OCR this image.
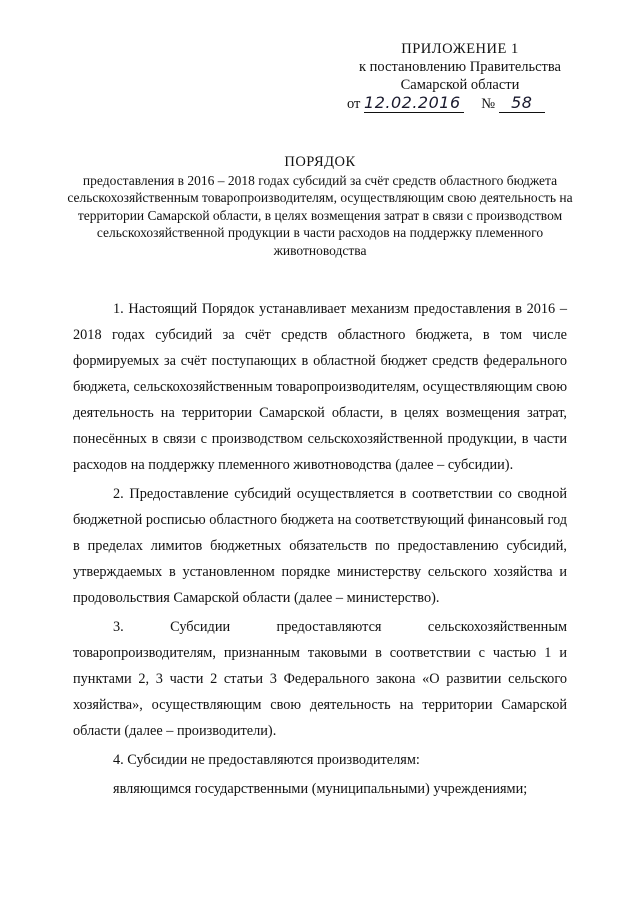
ПРИЛОЖЕНИЕ 1
к постановлению Правительства
Самарской области
от 12.02.2016 № 58
ПОРЯДОК
предоставления в 2016 – 2018 годах субсидий за счёт средств областного бюджета сельскохозяйственным товаропроизводителям, осуществляющим свою деятельность на территории Самарской области, в целях возмещения затрат в связи с производством сельскохозяйственной продукции в части расходов на поддержку племенного животноводства

1. Настоящий Порядок устанавливает механизм предоставления в 2016 – 2018 годах субсидий за счёт средств областного бюджета, в том числе формируемых за счёт поступающих в областной бюджет средств федерального бюджета, сельскохозяйственным товаропроизводителям, осуществляющим свою деятельность на территории Самарской области, в целях возмещения затрат, понесённых в связи с производством сельскохозяйственной продукции, в части расходов на поддержку племенного животноводства (далее – субсидии).

2. Предоставление субсидий осуществляется в соответствии со сводной бюджетной росписью областного бюджета на соответствующий финансовый год в пределах лимитов бюджетных обязательств по предоставлению субсидий, утверждаемых в установленном порядке министерству сельского хозяйства и продовольствия Самарской области (далее – министерство).

3. Субсидии предоставляются сельскохозяйственным товаропроизводителям, признанным таковыми в соответствии с частью 1 и пунктами 2, 3 части 2 статьи 3 Федерального закона «О развитии сельского хозяйства», осуществляющим свою деятельность на территории Самарской области (далее – производители).

4. Субсидии не предоставляются производителям:

являющимся государственными (муниципальными) учреждениями;
